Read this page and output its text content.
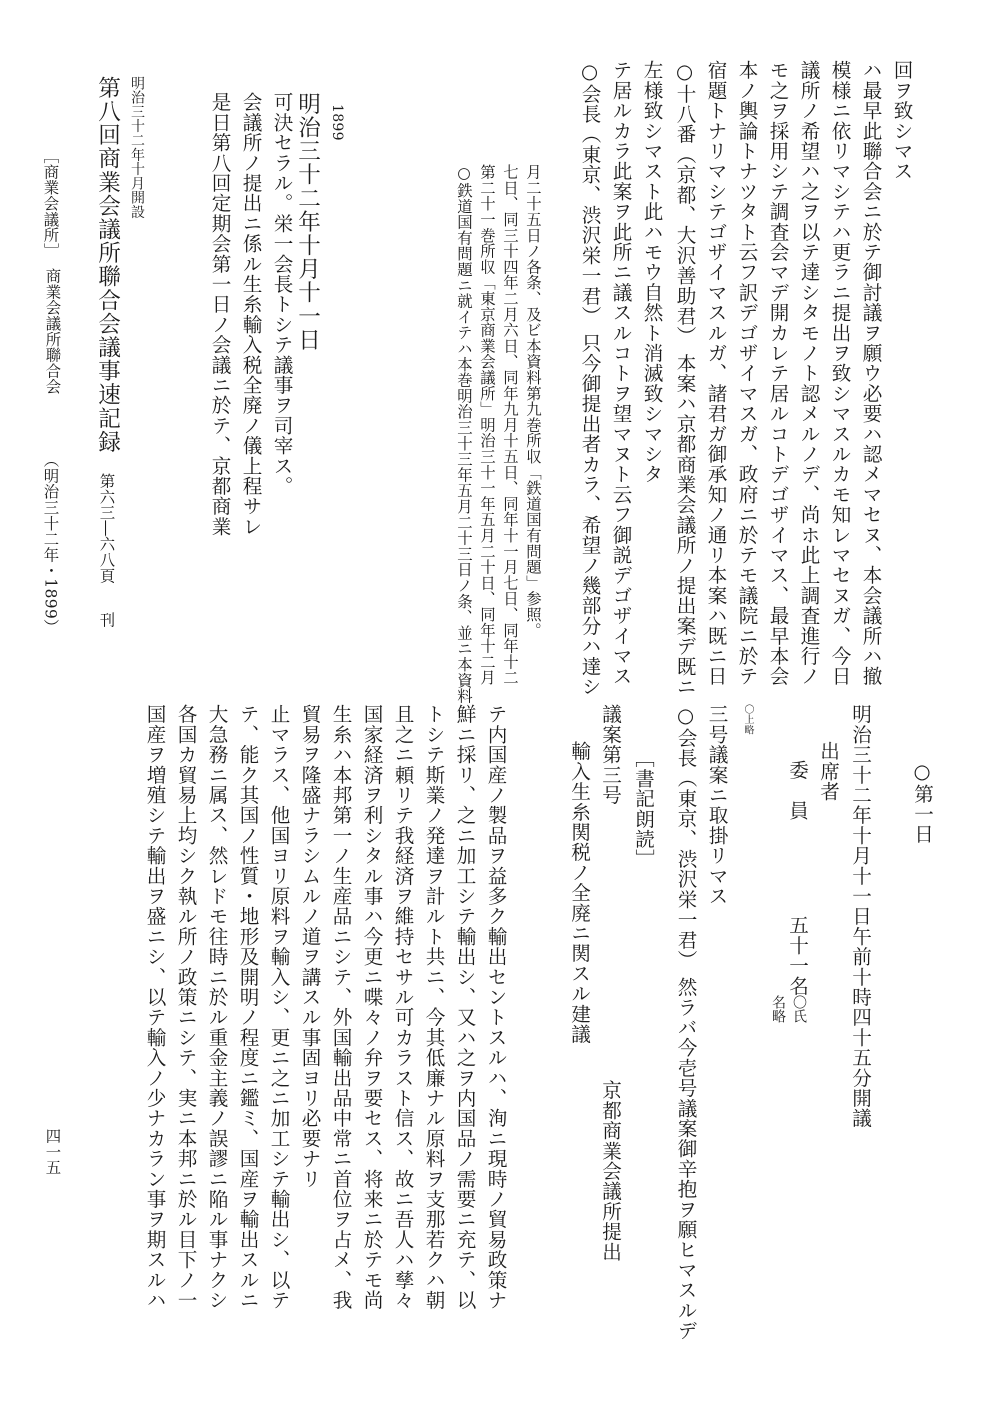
回ヲ致シマス
ハ最早此聯合会ニ於テ御討議ヲ願ウ必要ハ認メマセヌ、本会議所ハ撤
模様ニ依リマシテハ更ラニ提出ヲ致シマスルカモ知レマセヌガ、今日
議所ノ希望ハ之ヲ以テ達シタモノト認メルノデ、尚ホ此上調査進行ノ
モ之ヲ採用シテ調査会マデ開カレテ居ルコトデゴザイマス、最早本会
本ノ輿論トナツタト云フ訳デゴザイマスガ、政府ニ於テモ議院ニ於テ
宿題トナリマシテゴザイマスルガ、諸君ガ御承知ノ通リ本案ハ既ニ日
○十八番（京都、大沢善助君） 本案ハ京都商業会議所ノ提出案デ既ニ
左様致シマスト此ハモウ自然ト消滅致シマシタ
テ居ルカラ此案ヲ此所ニ議スルコトヲ望マヌト云フ御説デゴザイマス
○会長（東京、渋沢栄一君） 只今御提出者カラ、希望ノ幾部分ハ達シ
月二十五日ノ各条、及ビ本資料第九巻所収「鉄道国有問題」参照。
七日、同三十四年二月六日、同年九月十五日、同年十一月七日、同年十二
第二十一巻所収「東京商業会議所」明治三十一年五月二十日、同年十二月
○鉄道国有問題ニ就イテハ本巻明治三十三年五月二十三日ノ条、並ニ本資料
1899
明治三十二年十月十一日
可決セラル。栄一会長トシテ議事ヲ司宰ス。
会議所ノ提出ニ係ル生糸輸入税全廃ノ儀上程サレ
是日第八回定期会第一日ノ会議ニ於テ、京都商業
明治三十二年十月開設
第八回商業会議所聯合会議事速記録
第六三―六八頁
刊
［商業会議所］
商業会議所聯合会
（明治三十二年・1899）
○第一日
明治三十二年十月十一日午前十時四十五分開議
出席者
委　員
五十一名
〇氏
名略
〇上略
三号議案ニ取掛リマス
○会長（東京、渋沢栄一君） 然ラバ今壱号議案御辛抱ヲ願ヒマスルデ
［書記朗読］
議案第三号
京都商業会議所提出
輸入生糸関税ノ全廃ニ関スル建議
テ内国産ノ製品ヲ益多ク輸出セントスルハ、洵ニ現時ノ貿易政策ナ
鮮ニ採リ、之ニ加工シテ輸出シ、又ハ之ヲ内国品ノ需要ニ充テ、以
トシテ斯業ノ発達ヲ計ルト共ニ、今其低廉ナル原料ヲ支那若クハ朝
且之ニ頼リテ我経済ヲ維持セサル可カラスト信ス、故ニ吾人ハ孳々
国家経済ヲ利シタル事ハ今更ニ喋々ノ弁ヲ要セス、将来ニ於テモ尚
生糸ハ本邦第一ノ生産品ニシテ、外国輸出品中常ニ首位ヲ占メ、我
貿易ヲ隆盛ナラシムルノ道ヲ講スル事固ヨリ必要ナリ
止マラス、他国ヨリ原料ヲ輸入シ、更ニ之ニ加工シテ輸出シ、以テ
テ、能ク其国ノ性質・地形及開明ノ程度ニ鑑ミ、国産ヲ輸出スルニ
大急務ニ属ス、然レドモ往時ニ於ル重金主義ノ誤謬ニ陥ル事ナクシ
各国カ貿易上均シク執ル所ノ政策ニシテ、実ニ本邦ニ於ル目下ノ一
国産ヲ増殖シテ輸出ヲ盛ニシ、以テ輸入ノ少ナカラン事ヲ期スルハ
四一五
